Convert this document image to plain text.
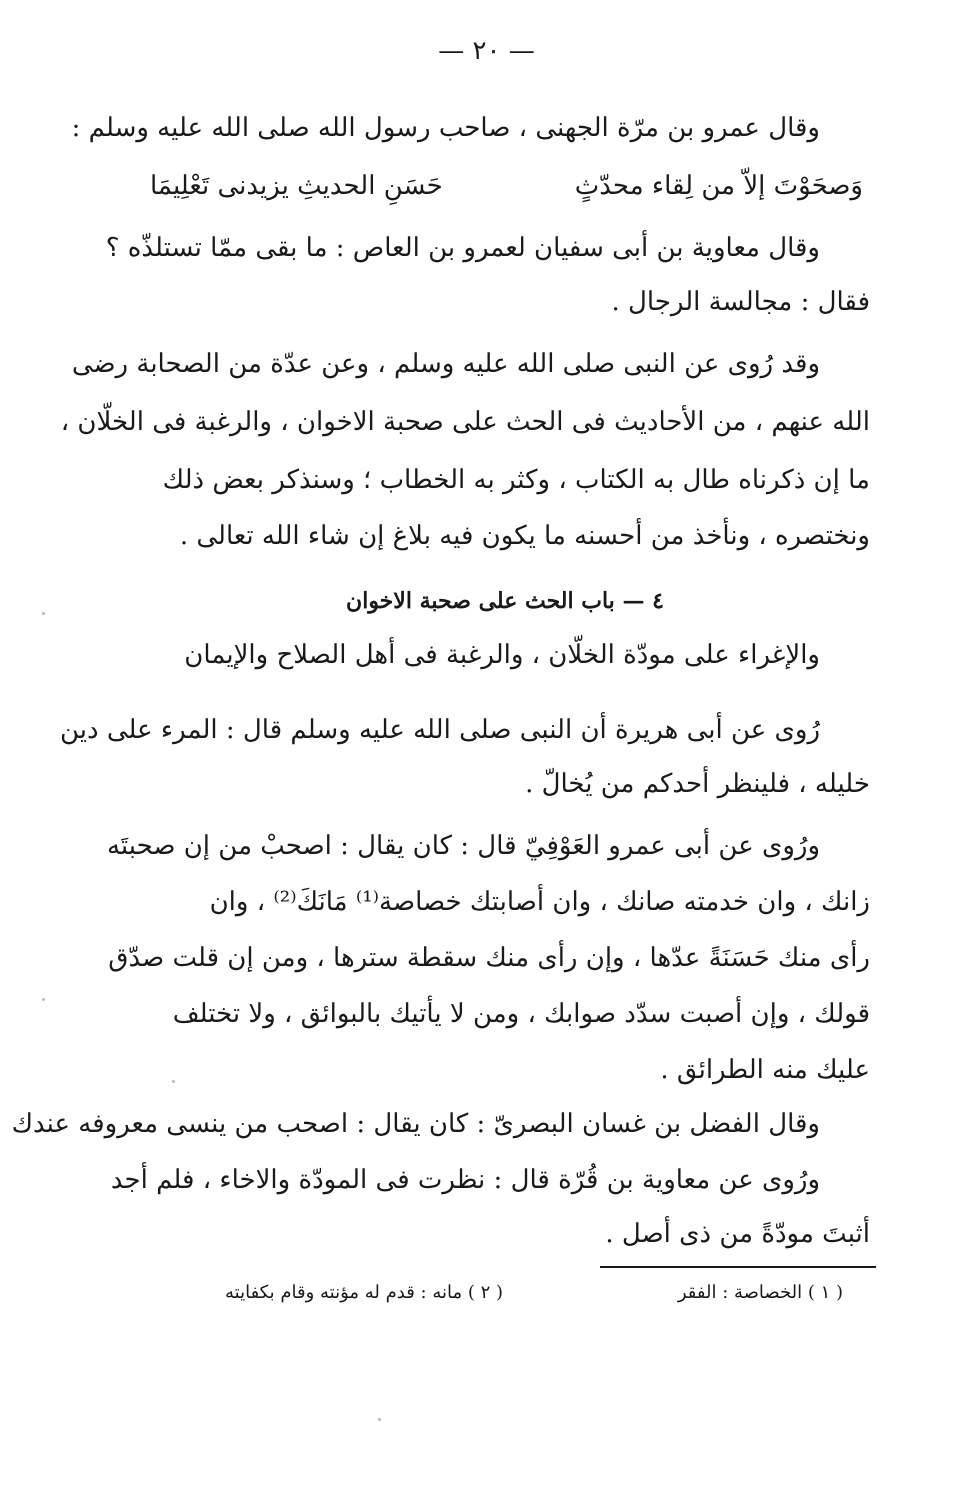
— ٢٠ —
وقال عمرو بن مرّة الجهنى ، صاحب رسول الله صلى الله عليه وسلم :
وَصحَوْتَ إلاّ من لِقاء محدّثٍ
حَسَنِ الحديثِ يزيدنى تَعْلِيمَا
وقال معاوية بن أبى سفيان لعمرو بن العاص : ما بقى ممّا تستلذّه ؟
فقال : مجالسة الرجال .
وقد رُوى عن النبى صلى الله عليه وسلم ، وعن عدّة من الصحابة رضى
الله عنهم ، من الأحاديث فى الحث على صحبة الاخوان ، والرغبة فى الخلّان ،
ما إن ذكرناه طال به الكتاب ، وكثر به الخطاب ؛ وسنذكر بعض ذلك
ونختصره ، ونأخذ من أحسنه ما يكون فيه بلاغ إن شاء الله تعالى .
٤ — باب الحث على صحبة الاخوان
والإغراء على مودّة الخلّان ، والرغبة فى أهل الصلاح والإيمان
رُوى عن أبى هريرة أن النبى صلى الله عليه وسلم قال : المرء على دين
خليله ، فلينظر أحدكم من يُخالّ .
ورُوى عن أبى عمرو العَوْفِيّ قال : كان يقال : اصحبْ من إن صحبتَه
زانك ، وان خدمته صانك ، وان أصابتك خصاصة⁽¹⁾ مَانَكَ⁽²⁾ ، وان
رأى منك حَسَنَةً عدّها ، وإن رأى منك سقطة سترها ، ومن إن قلت صدّق
قولك ، وإن أصبت سدّد صوابك ، ومن لا يأتيك بالبوائق ، ولا تختلف
عليك منه الطرائق .
وقال الفضل بن غسان البصرىّ : كان يقال : اصحب من ينسى معروفه عندك
ورُوى عن معاوية بن قُرّة قال : نظرت فى المودّة والاخاء ، فلم أجد
أثبتَ مودّةً من ذى أصل .
( ١ ) الخصاصة : الفقر
( ٢ ) مانه : قدم له مؤنته وقام بكفايته
